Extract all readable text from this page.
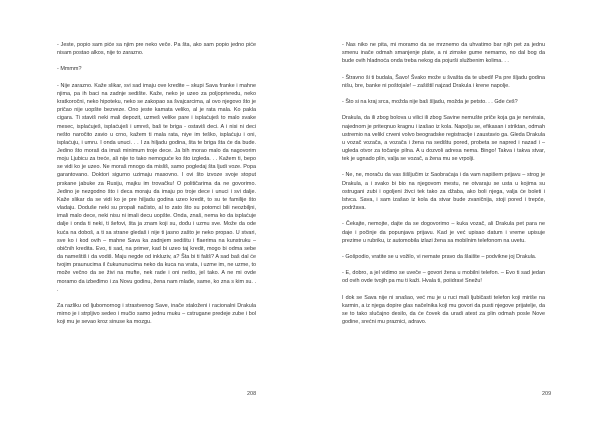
- Jeste, popio sam piće sa njim pre neko veče. Pa šta, ako sam popio jedno piće nisam postao alkos, nije to zarazno.

- Mmmm?

- Nije zarazno. Kaže slikar, svi sad imaju ove kredite – skupi Sava franke i mahne njima, pa ih baci na zadnje sedište. Kaže, neko je uzeo za poljoprivredu, neko kratkoročni, neko hipoteku, neko se zakopao sa švajcarcima, al ovo njegovo što je pričao nije uopšte bezveze. Ono jeste kamata veliko, al je rata mala. Ko pakla cigara. Ti staviš neki mali depozit, uzmeš velike pare i isplaćuješ to malo svake mesec, isplaćuješ, isplaćuješ i umreš, baš te briga - ostaviš deci. A i nisi ni deci nešto naročito zavio u crno, kažem ti mala rata, niye im teško, isplaćuju i oni, isplaćuju, i umru. I onda unuci. . . I za hiljadu godina, šta te briga šta će da bude. Jedino što moraš da imaš minimum troje dece. Ja bih morao malo da nagovorim moju Ljubicu za treće, ali nije to tako nemoguće ko što izgleda. . . Kažem ti, bepo se vidi ko je uzeo. Ne moraš mnogo da misliš, samo pogledaj šta ljudi voze. Popa garantovano. Doktori sigurno uzimaju masovno. I ovi što izvoze svoje stoput prskane jabuke za Rusiju, majku im trovačku! O političarima da ne govorimo. Jedino je nezgodno što i deca moraju da imaju po troje dece i unuci i svi dalje. Kaže slikar da se vidi ko je pre hiljadu godina uzeo kredit, to su te familije što vladaju. Doduše neki su propali načisto, al to zato što su potomci bili neozbiljni, imali malo dece, neki nisu ni imali decu uopšte. Onda, znaš, nema ko da isplaćuje dalje i onda ti neki, ti šefovi, šta ja znam koji su, dođu i uzmu sve. Može da ode kuća na doboš, a ti sa strane gledaš i nije ti jasno zašto je neko propao. U stvari, sve ko i kod ovih – mahne Sava ka zadnjem sedištu i flaerima na kunstruku – običnih kredita. Evo, ti sad, na primer, kad bi uzeo taj kredit, mogo bi odma sebe da nameštiš i da vodiš. Maju negde od inkluziv, a? Šta bi ti fališ? A sad baš dal će tvojim praunucima il čukununucima neko da kuca na vrata, i uzme im, ne uzme, to može večno da se živi na mufte, nek rade i oni nešto, jel tako. A ne mi ovde moramo da izbeđimo i za Novu godinu, žena nam mlađe, same, ko zna s kim su. . .

Za razliku od ljubomornog i strastvenog Save, inače staloženi i racionalni Drakula mirno je i strpljivo sedeo i mučio samo jednu muku – cstrugane predeje zube i bol koji mu je sevao kroz sinuse ka mozgu.

208

- Nas niko ne pita, mi moramo da se mrznemo da uhvatimo bar njih pet za jednu smenu inače odmah smanjenje plate, a ni zimske gume nemamo, no dal bog da bude ovih hladnoća onda treba nekog da pojurši službenim kolima. . .

- Štravno ši ti budala, Šavo! Švako može u švašta da te ubedi! Pa pre šljadu godina nišu, bre, banke ni poštojale! – zašištil najzad Drakula i krene napolje.

- Što si na kraj srca, možda nije baš šljadu, možda je petsto. . . Gde ćeš?

Drakula, da ili zbog bolova u vilici ili zbog Savine nemušte priče koja ga je nerviraia, najednom je priteqnuo kragnu i izašao iz kola. Napolju se, efikasan i striktan, odmah ustremio na velikí crveni volvo beogradske registracije i zaustavio ga. Gleda Drakula u vozač vozača, a vozača i žena na sedištu pored, probeta se napred i nazad i – ugleda otvor za točanje pilna. A u dozvoli adresa nema. Bingo! Takva i takva stvar, tek je ugnado plin, valja se vozač, a žena mu se vrpolji.

- Ne, ne, moraču da vas šišljučim iz Saobraćaja i da vam napišem prijavu – strog je Drakula, a i svako bi bio na njegovom mestu, ne otvaraju se usta u kojima su ostrugani zubi i ogoljeni živci tek tako za džaba, ako boli njega, valja će boleti i lstvca. Sava, i sam izašao iz kola da stvar bude zvaničnija, stoji pored i trepće, podržava.

- Čekajte, nemojte, dajte da se dogovorimo – kuka vozač, ali Drakula pet para ne daje i počinje da popunjava prijavu. Kad je već upisao datum i vreme upisuje prezime u rubriku, iz automobila izlazi žena sa mobilnim telefonom na uvetu.

- Gošpodio, vratite se u vožilo, vi nemate pravo da šlaište – podvikne joj Drakula.

- E, dobro, a jel vidimo se uveče – govori žena u mobilni telefon. – Evo ti sad jedan od ovih ovde tvojih pa mu ti kaži. Hvala ti, poiidravi Snežu!

I dok se Sava nije ni snašao, već mu je u ruci mali ljubičasti telefon koji miriše na karmin, a iz njega dopire glas načelnika koji mu govori da pusti njegove prijatelje, da se to tako slučajno desilo, da će čovek da uradi atest za plin odmah posle Nove godine, srećni mu praznici, adravo.

209
